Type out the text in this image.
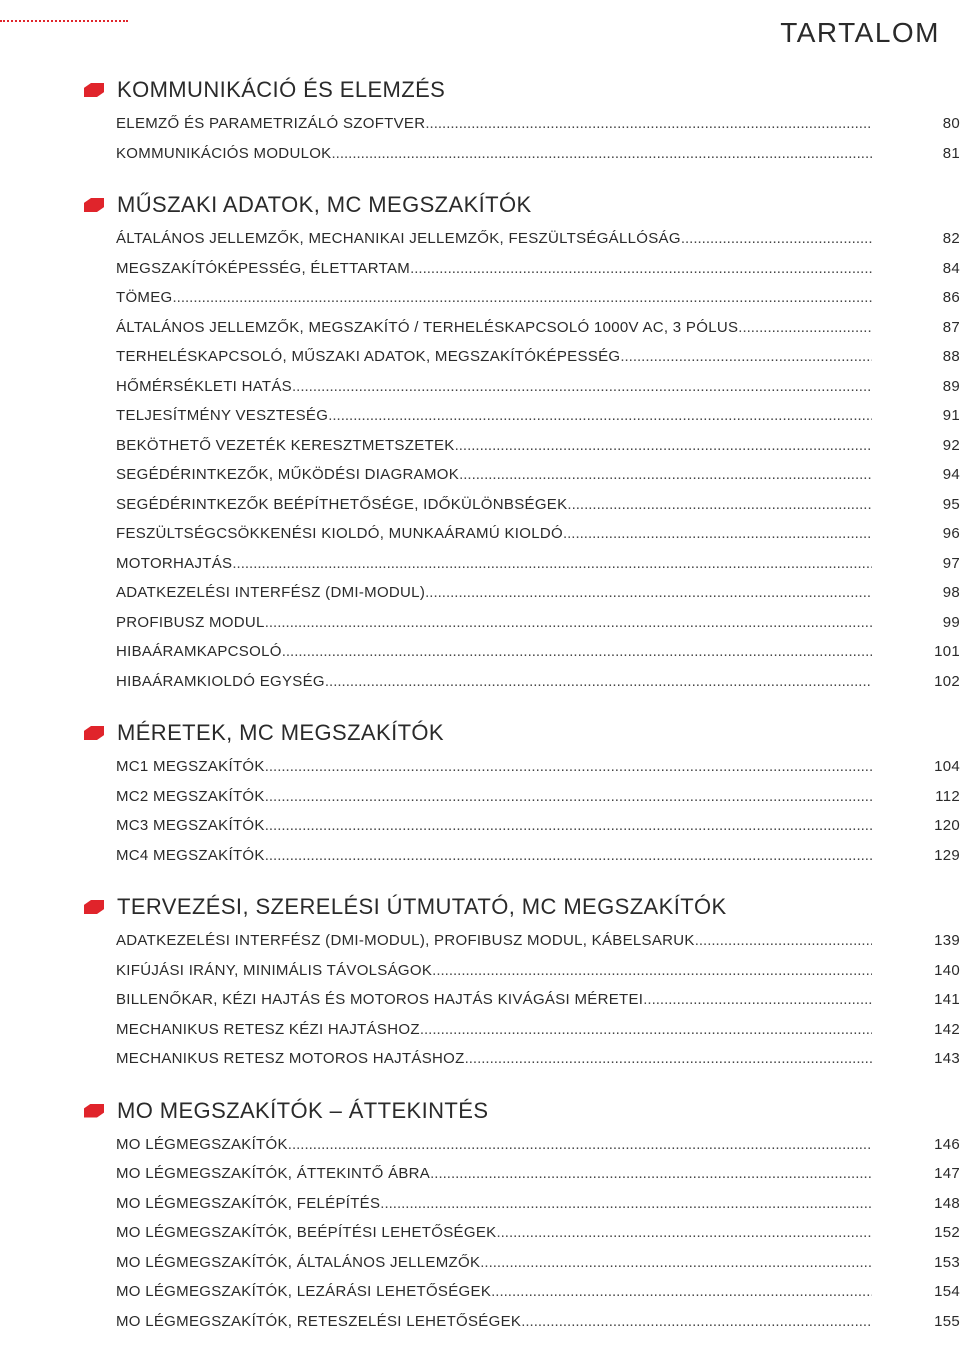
TARTALOM
KOMMUNIKÁCIÓ ÉS ELEMZÉS
ELEMZŐ ÉS PARAMETRIZÁLÓ SZOFTVER .....	80
KOMMUNIKÁCIÓS MODULOK .....	81
MŰSZAKI ADATOK, MC MEGSZAKÍTÓK
ÁLTALÁNOS JELLEMZŐK, MECHANIKAI JELLEMZŐK, FESZÜLTSÉGÁLLÓSÁG .....	82
MEGSZAKÍTÓKÉPESSÉG, ÉLETTARTAM .....	84
TÖMEG .....	86
ÁLTALÁNOS JELLEMZŐK, MEGSZAKÍTÓ / TERHELÉSKAPCSOLÓ 1000V AC, 3 PÓLUS .....	87
TERHELÉSKAPCSOLÓ, MŰSZAKI ADATOK, MEGSZAKÍTÓKÉPESSÉG .....	88
HŐMÉRSÉKLETI HATÁS .....	89
TELJESÍTMÉNY VESZTESÉG .....	91
BEKÖTHETŐ VEZETÉK KERESZTMETSZETEK .....	92
SEGÉDÉRINTKEZŐK, MŰKÖDÉSI DIAGRAMOK .....	94
SEGÉDÉRINTKEZŐK BEÉPÍTHETŐSÉGE, IDŐKÜLÖNBSÉGEK .....	95
FESZÜLTSÉGCSÖKKENÉSI KIOLDÓ, MUNKAÁRAMÚ KIOLDÓ .....	96
MOTORHAJTÁS .....	97
ADATKEZELÉSI INTERFÉSZ (DMI-MODUL) .....	98
PROFIBUSZ MODUL .....	99
HIBAÁRAMKAPCSOLÓ .....	101
HIBAÁRAMKIOLDÓ EGYSÉG .....	102
MÉRETEK, MC MEGSZAKÍTÓK
MC1 MEGSZAKÍTÓK .....	104
MC2 MEGSZAKÍTÓK .....	112
MC3 MEGSZAKÍTÓK .....	120
MC4 MEGSZAKÍTÓK .....	129
TERVEZÉSI, SZERELÉSI ÚTMUTATÓ, MC MEGSZAKÍTÓK
ADATKEZELÉSI INTERFÉSZ (DMI-MODUL), PROFIBUSZ MODUL, KÁBELSARUK .....	139
KIFÚJÁSI IRÁNY, MINIMÁLIS TÁVOLSÁGOK .....	140
BILLENŐKAR, KÉZI HAJTÁS ÉS MOTOROS HAJTÁS KIVÁGÁSI MÉRETEI .....	141
MECHANIKUS RETESZ KÉZI HAJTÁSHOZ .....	142
MECHANIKUS RETESZ MOTOROS HAJTÁSHOZ .....	143
MO MEGSZAKÍTÓK – ÁTTEKINTÉS
MO LÉGMEGSZAKÍTÓK .....	146
MO LÉGMEGSZAKÍTÓK, ÁTTEKINTŐ ÁBRA .....	147
MO LÉGMEGSZAKÍTÓK, FELÉPÍTÉS .....	148
MO LÉGMEGSZAKÍTÓK, BEÉPÍTÉSI LEHETŐSÉGEK .....	152
MO LÉGMEGSZAKÍTÓK, ÁLTALÁNOS JELLEMZŐK .....	153
MO LÉGMEGSZAKÍTÓK, LEZÁRÁSI LEHETŐSÉGEK .....	154
MO LÉGMEGSZAKÍTÓK, RETESZELÉSI LEHETŐSÉGEK .....	155
